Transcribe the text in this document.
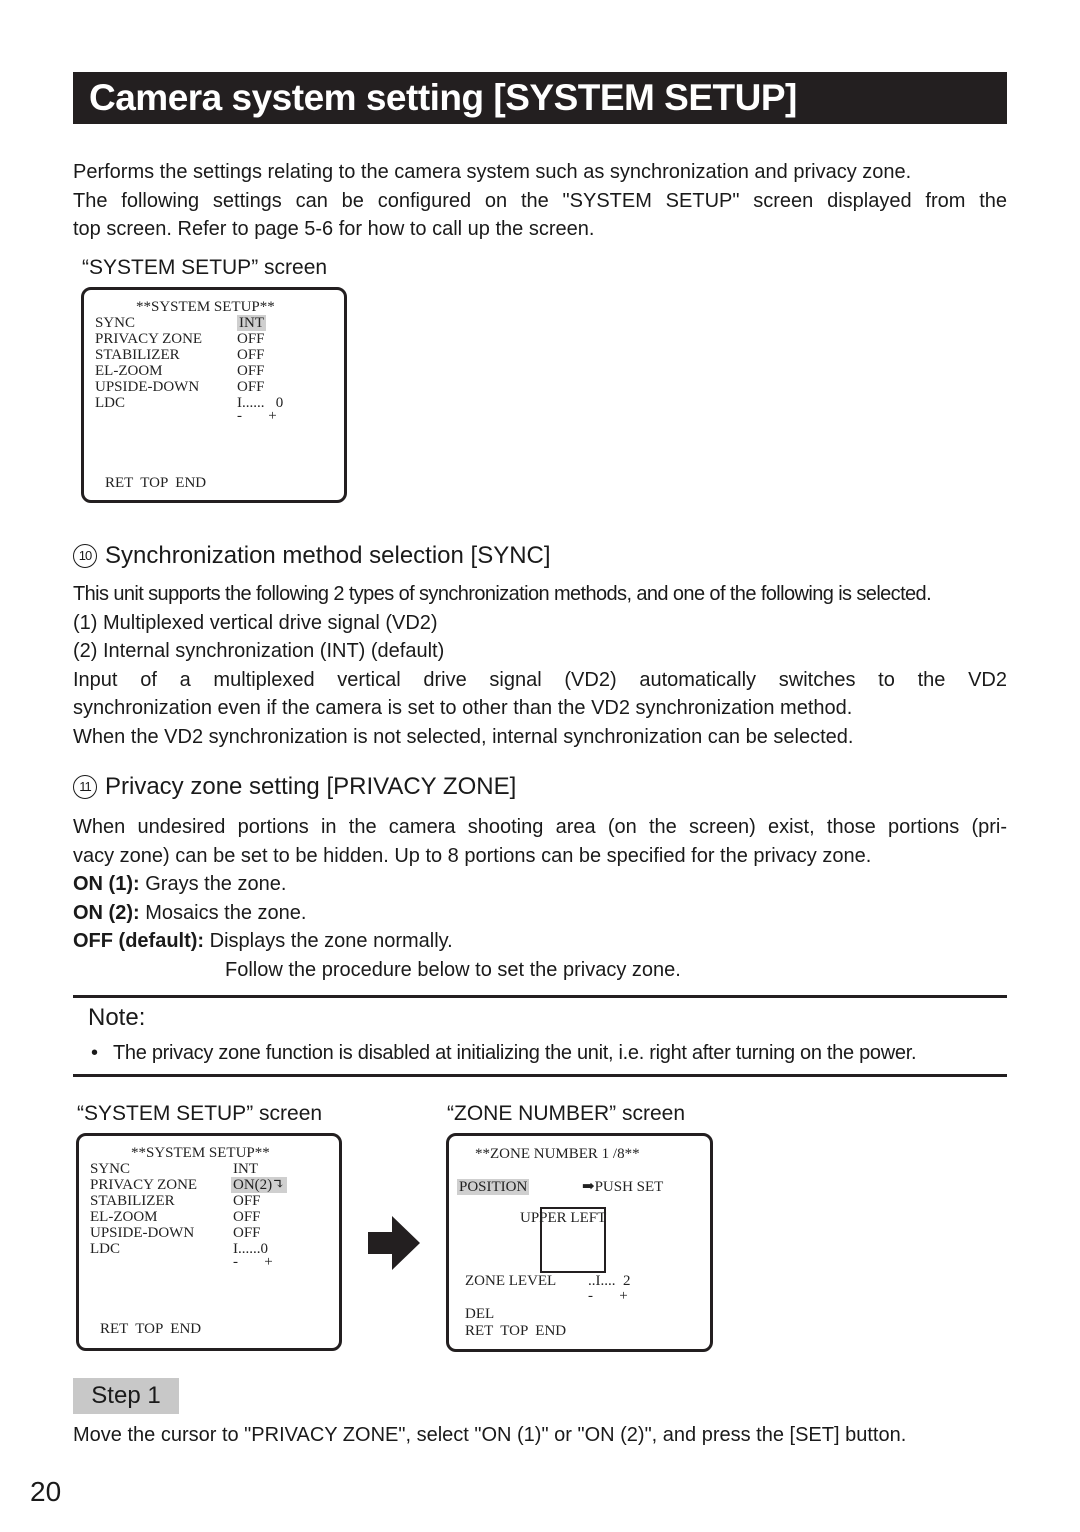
Camera system setting [SYSTEM SETUP]

Performs the settings relating to the camera system such as synchronization and privacy zone.

The following settings can be configured on the "SYSTEM SETUP" screen displayed from the

top screen. Refer to page 5-6 for how to call up the screen.

“SYSTEM SETUP” screen
**SYSTEM SETUP**
SYNC	INT
PRIVACY ZONE OFF
STABILIZER	OFF
EL-ZOOM	OFF
UPSIDE-DOWN	OFF
LDC	I......   0
-       +
RET  TOP  END
10 Synchronization method selection [SYNC]

This unit supports the following 2 types of synchronization methods, and one of the following is selected.

(1) Multiplexed vertical drive signal (VD2)

(2) Internal synchronization (INT) (default)

Input of a multiplexed vertical drive signal (VD2) automatically switches to the VD2

synchronization even if the camera is set to other than the VD2 synchronization method.

When the VD2 synchronization is not selected, internal synchronization can be selected.

11 Privacy zone setting [PRIVACY ZONE]

When undesired portions in the camera shooting area (on the screen) exist, those portions (pri-

vacy zone) can be set to be hidden. Up to 8 portions can be specified for the privacy zone.

ON (1): Grays the zone.

ON (2): Mosaics the zone.

OFF (default): Displays the zone normally.

Follow the procedure below to set the privacy zone.

Note:
• The privacy zone function is disabled at initializing the unit, i.e. right after turning on the power.
“SYSTEM SETUP” screen
**SYSTEM SETUP**
SYNC	INT
PRIVACY ZONE ON(2)↴
STABILIZER	OFF
EL-ZOOM	OFF
UPSIDE-DOWN	OFF
LDC	I......0
-       +
RET  TOP  END
“ZONE NUMBER” screen
**ZONE NUMBER 1 /8**
POSITION	➡PUSH SET
UPPER LEFT
ZONE LEVEL ..I....  2
-       +
DEL
RET  TOP  END
Step 1
Move the cursor to "PRIVACY ZONE", select "ON (1)" or "ON (2)", and press the [SET] button.
20
